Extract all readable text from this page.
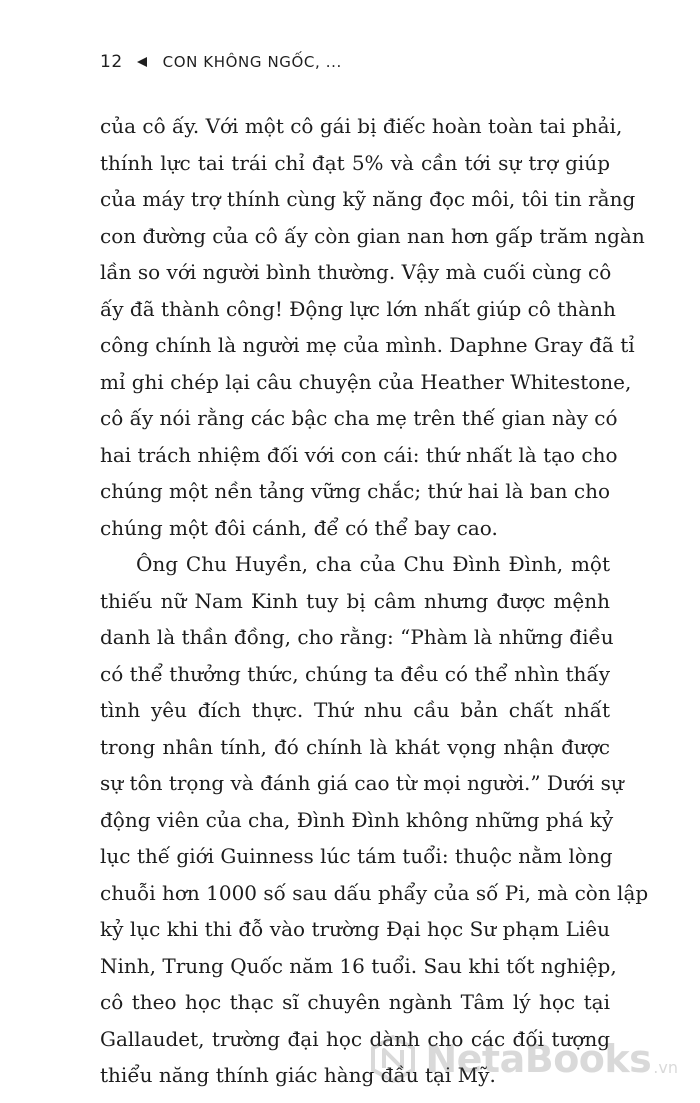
12	CON KHÔNG NGỐC, ...
của cô ấy. Với một cô gái bị điếc hoàn toàn tai phải,
thính lực tai trái chỉ đạt 5% và cần tới sự trợ giúp
của máy trợ thính cùng kỹ năng đọc môi, tôi tin rằng
con đường của cô ấy còn gian nan hơn gấp trăm ngàn
lần so với người bình thường. Vậy mà cuối cùng cô
ấy đã thành công! Động lực lớn nhất giúp cô thành
công chính là người mẹ của mình. Daphne Gray đã tỉ
mỉ ghi chép lại câu chuyện của Heather Whitestone,
cô ấy nói rằng các bậc cha mẹ trên thế gian này có
hai trách nhiệm đối với con cái: thứ nhất là tạo cho
chúng một nền tảng vững chắc; thứ hai là ban cho
chúng một đôi cánh, để có thể bay cao.
Ông Chu Huyền, cha của Chu Đình Đình, một
thiếu nữ Nam Kinh tuy bị câm nhưng được mệnh
danh là thần đồng, cho rằng: “Phàm là những điều
có thể thưởng thức, chúng ta đều có thể nhìn thấy
tình yêu đích thực. Thứ nhu cầu bản chất nhất
trong nhân tính, đó chính là khát vọng nhận được
sự tôn trọng và đánh giá cao từ mọi người.” Dưới sự
động viên của cha, Đình Đình không những phá kỷ
lục thế giới Guinness lúc tám tuổi: thuộc nằm lòng
chuỗi hơn 1000 số sau dấu phẩy của số Pi, mà còn lập
kỷ lục khi thi đỗ vào trường Đại học Sư phạm Liêu
Ninh, Trung Quốc năm 16 tuổi. Sau khi tốt nghiệp,
cô theo học thạc sĩ chuyên ngành Tâm lý học tại
Gallaudet, trường đại học dành cho các đối tượng
thiểu năng thính giác hàng đầu tại Mỹ.
NetaBooks .vn
